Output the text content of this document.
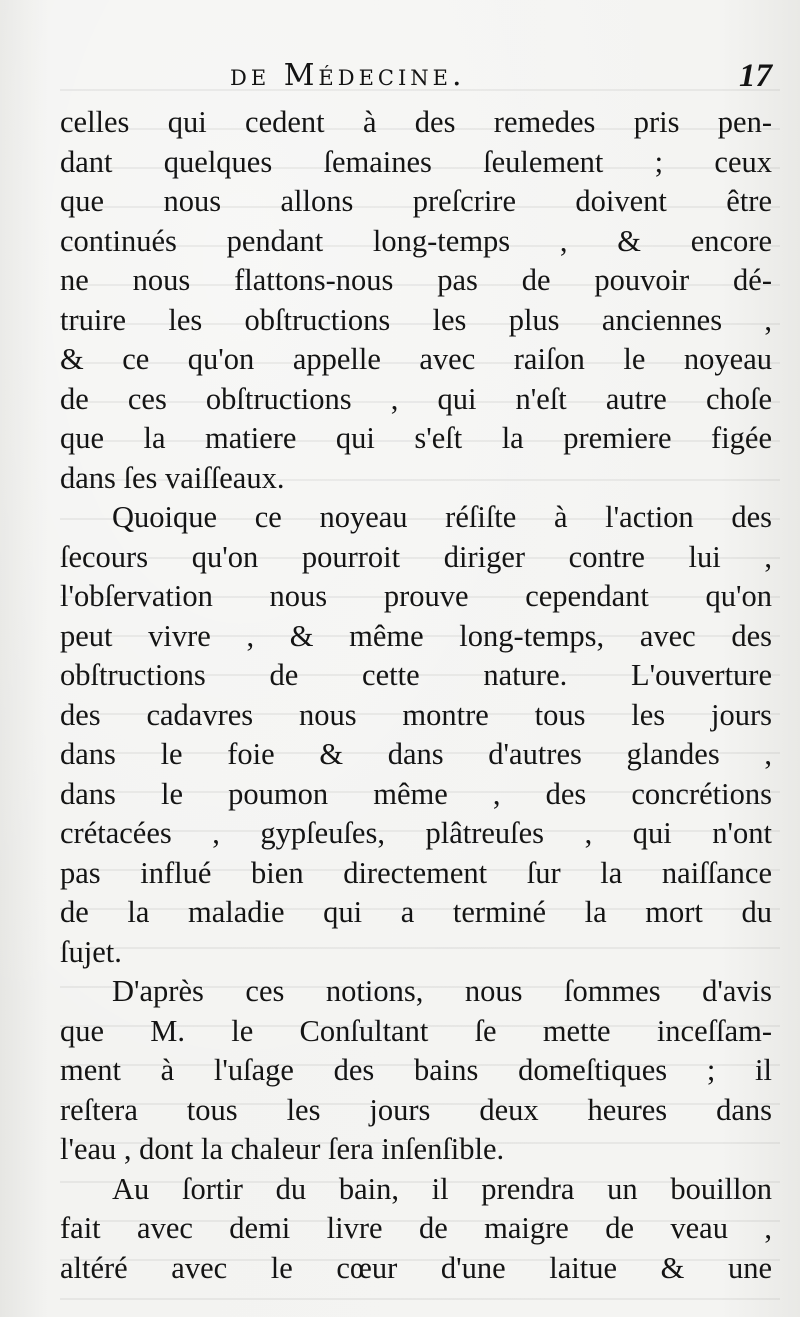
de Médecine.	17
celles qui cedent à des remedes pris pen-
dant quelques ſemaines ſeulement ; ceux
que nous allons preſcrire doivent être
continués pendant long-temps , & encore
ne nous flattons-nous pas de pouvoir dé-
truire les obſtructions les plus anciennes ,
& ce qu'on appelle avec raiſon le noyeau
de ces obſtructions , qui n'eſt autre choſe
que la matiere qui s'eſt la premiere figée
dans ſes vaiſſeaux.
Quoique ce noyeau réſiſte à l'action des
ſecours qu'on pourroit diriger contre lui ,
l'obſervation nous prouve cependant qu'on
peut vivre , & même long-temps, avec des
obſtructions de cette nature. L'ouverture
des cadavres nous montre tous les jours
dans le foie & dans d'autres glandes ,
dans le poumon même , des concrétions
crétacées , gypſeuſes, plâtreuſes , qui n'ont
pas influé bien directement ſur la naiſſance
de la maladie qui a terminé la mort du
ſujet.
D'après ces notions, nous ſommes d'avis
que M. le Conſultant ſe mette inceſſam-
ment à l'uſage des bains domeſtiques ; il
reſtera tous les jours deux heures dans
l'eau , dont la chaleur ſera inſenſible.
Au ſortir du bain, il prendra un bouillon
fait avec demi livre de maigre de veau ,
altéré avec le cœur d'une laitue & une
